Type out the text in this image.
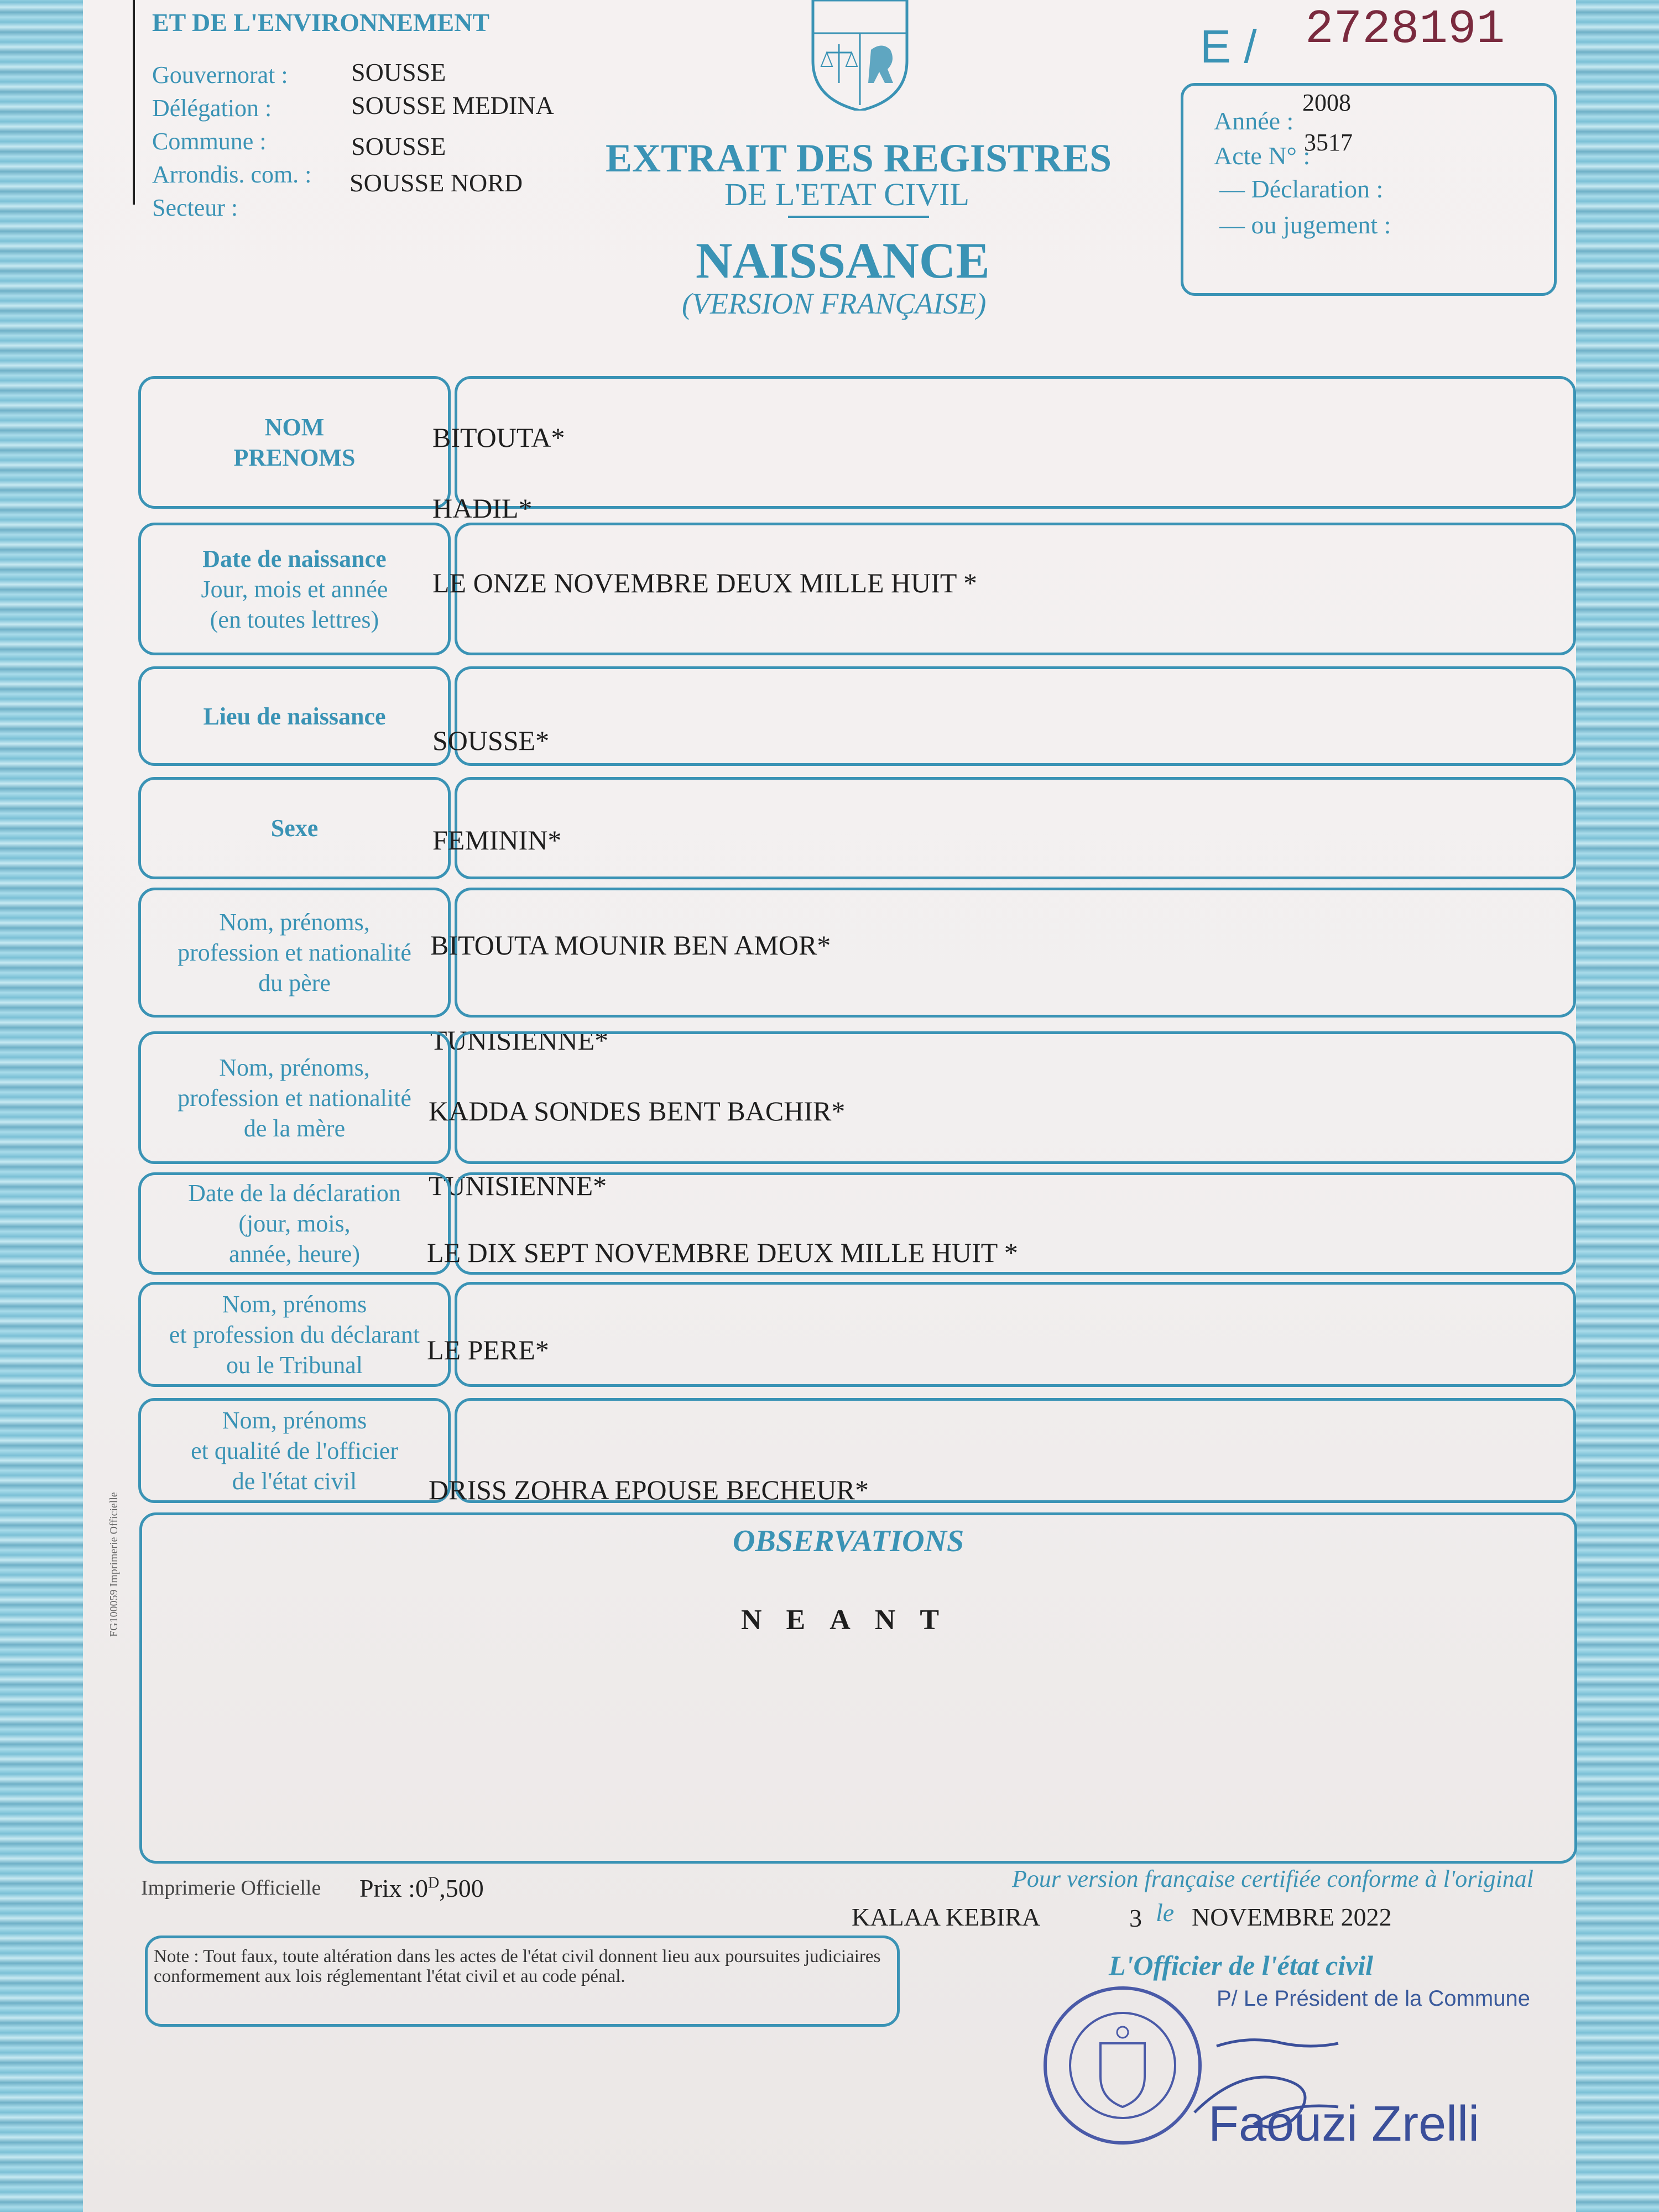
ET DE L'ENVIRONNEMENT
Gouvernorat : SOUSSE
Délégation :	SOUSSE MEDINA
Commune :	SOUSSE
Arrondis. com. : SOUSSE NORD
Secteur :
E / 2728191
Année :
2008
Acte N° :
3517
— Déclaration :
— ou jugement :
EXTRAIT DES REGISTRES
DE L'ETAT CIVIL
NAISSANCE
(VERSION FRANÇAISE)
NOM
PRENOMS
BITOUTA*
HADIL*
Date de naissance
Jour, mois et année
(en toutes lettres)
LE ONZE NOVEMBRE DEUX MILLE HUIT *
Lieu de naissance
SOUSSE*
Sexe	FEMININ*
Nom, prénoms,
profession et nationalité
du père
BITOUTA MOUNIR BEN AMOR*
TUNISIENNE*
Nom, prénoms,
profession et nationalité
de la mère
KADDA SONDES BENT BACHIR*
TUNISIENNE*
Date de la déclaration
(jour, mois,
année, heure) LE DIX SEPT NOVEMBRE DEUX MILLE HUIT *
Nom, prénoms
et profession du déclarant
ou le Tribunal LE PERE*
Nom, prénoms
et qualité de l'officier
de l'état civil	DRISS ZOHRA EPOUSE BECHEUR*
OBSERVATIONS
NEANT
FG100059 Imprimerie Officielle
Imprimerie Officielle Prix $:0^D,500$
Note : Tout faux, toute altération dans les actes de l'état civil donnent lieu aux poursuites judiciaires conformement aux lois réglementant l'état civil et au code pénal.
Pour version française certifiée conforme à l'original
KALAA KEBIRA	3 le NOVEMBRE 2022
L'Officier de l'état civil
P/ Le Président de la Commune
Faouzi Zrelli
